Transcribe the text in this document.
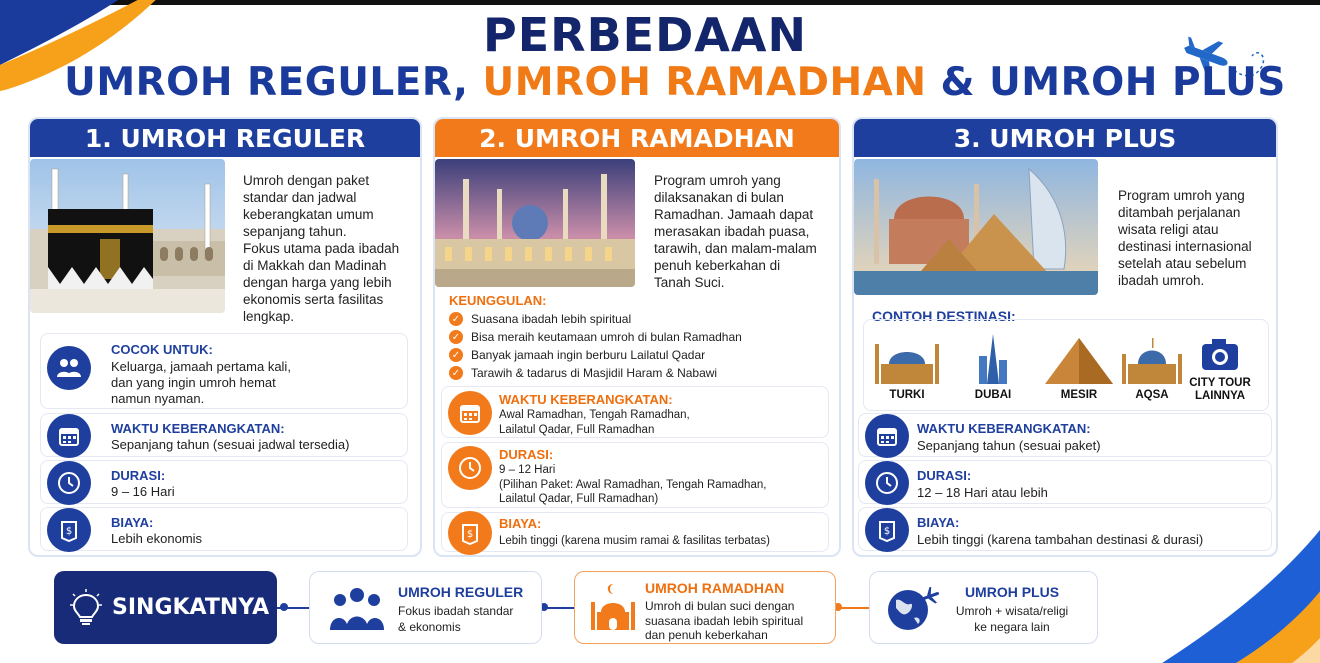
PERBEDAAN
UMROH REGULER, UMROH RAMADHAN & UMROH PLUS
1. UMROH REGULER
Umroh dengan paket
standar dan jadwal
keberangkatan umum
sepanjang tahun.
Fokus utama pada ibadah
di Makkah dan Madinah
dengan harga yang lebih
ekonomis serta fasilitas
lengkap.
COCOK UNTUK:
Keluarga, jamaah pertama kali,
dan yang ingin umroh hemat
namun nyaman.
WAKTU KEBERANGKATAN:
Sepanjang tahun (sesuai jadwal tersedia)
DURASI:
9 – 16 Hari
$
BIAYA:
Lebih ekonomis
2. UMROH RAMADHAN
Program umroh yang
dilaksanakan di bulan
Ramadhan. Jamaah dapat
merasakan ibadah puasa,
tarawih, dan malam-malam
penuh keberkahan di
Tanah Suci.
KEUNGGULAN:
✓ Suasana ibadah lebih spiritual
✓ Bisa meraih keutamaan umroh di bulan Ramadhan
✓ Banyak jamaah ingin berburu Lailatul Qadar
✓ Tarawih & tadarus di Masjidil Haram & Nabawi
WAKTU KEBERANGKATAN:
Awal Ramadhan, Tengah Ramadhan,
Lailatul Qadar, Full Ramadhan
DURASI:
9 – 12 Hari
(Pilihan Paket: Awal Ramadhan, Tengah Ramadhan,
Lailatul Qadar, Full Ramadhan)
$
BIAYA:
Lebih tinggi (karena musim ramai & fasilitas terbatas)
3. UMROH PLUS
Program umroh yang
ditambah perjalanan
wisata religi atau
destinasi internasional
setelah atau sebelum
ibadah umroh.
CONTOH DESTINASI:
TURKI	DUBAI	MESIR	AQSA
CITY TOUR
LAINNYA
WAKTU KEBERANGKATAN:
Sepanjang tahun (sesuai paket)
DURASI:
12 – 18 Hari atau lebih
$
BIAYA:
Lebih tinggi (karena tambahan destinasi & durasi)
SINGKATNYA
UMROH REGULER
Fokus ibadah standar
& ekonomis
UMROH RAMADHAN
Umroh di bulan suci dengan
suasana ibadah lebih spiritual
dan penuh keberkahan
UMROH PLUS
Umroh + wisata/religi
ke negara lain
